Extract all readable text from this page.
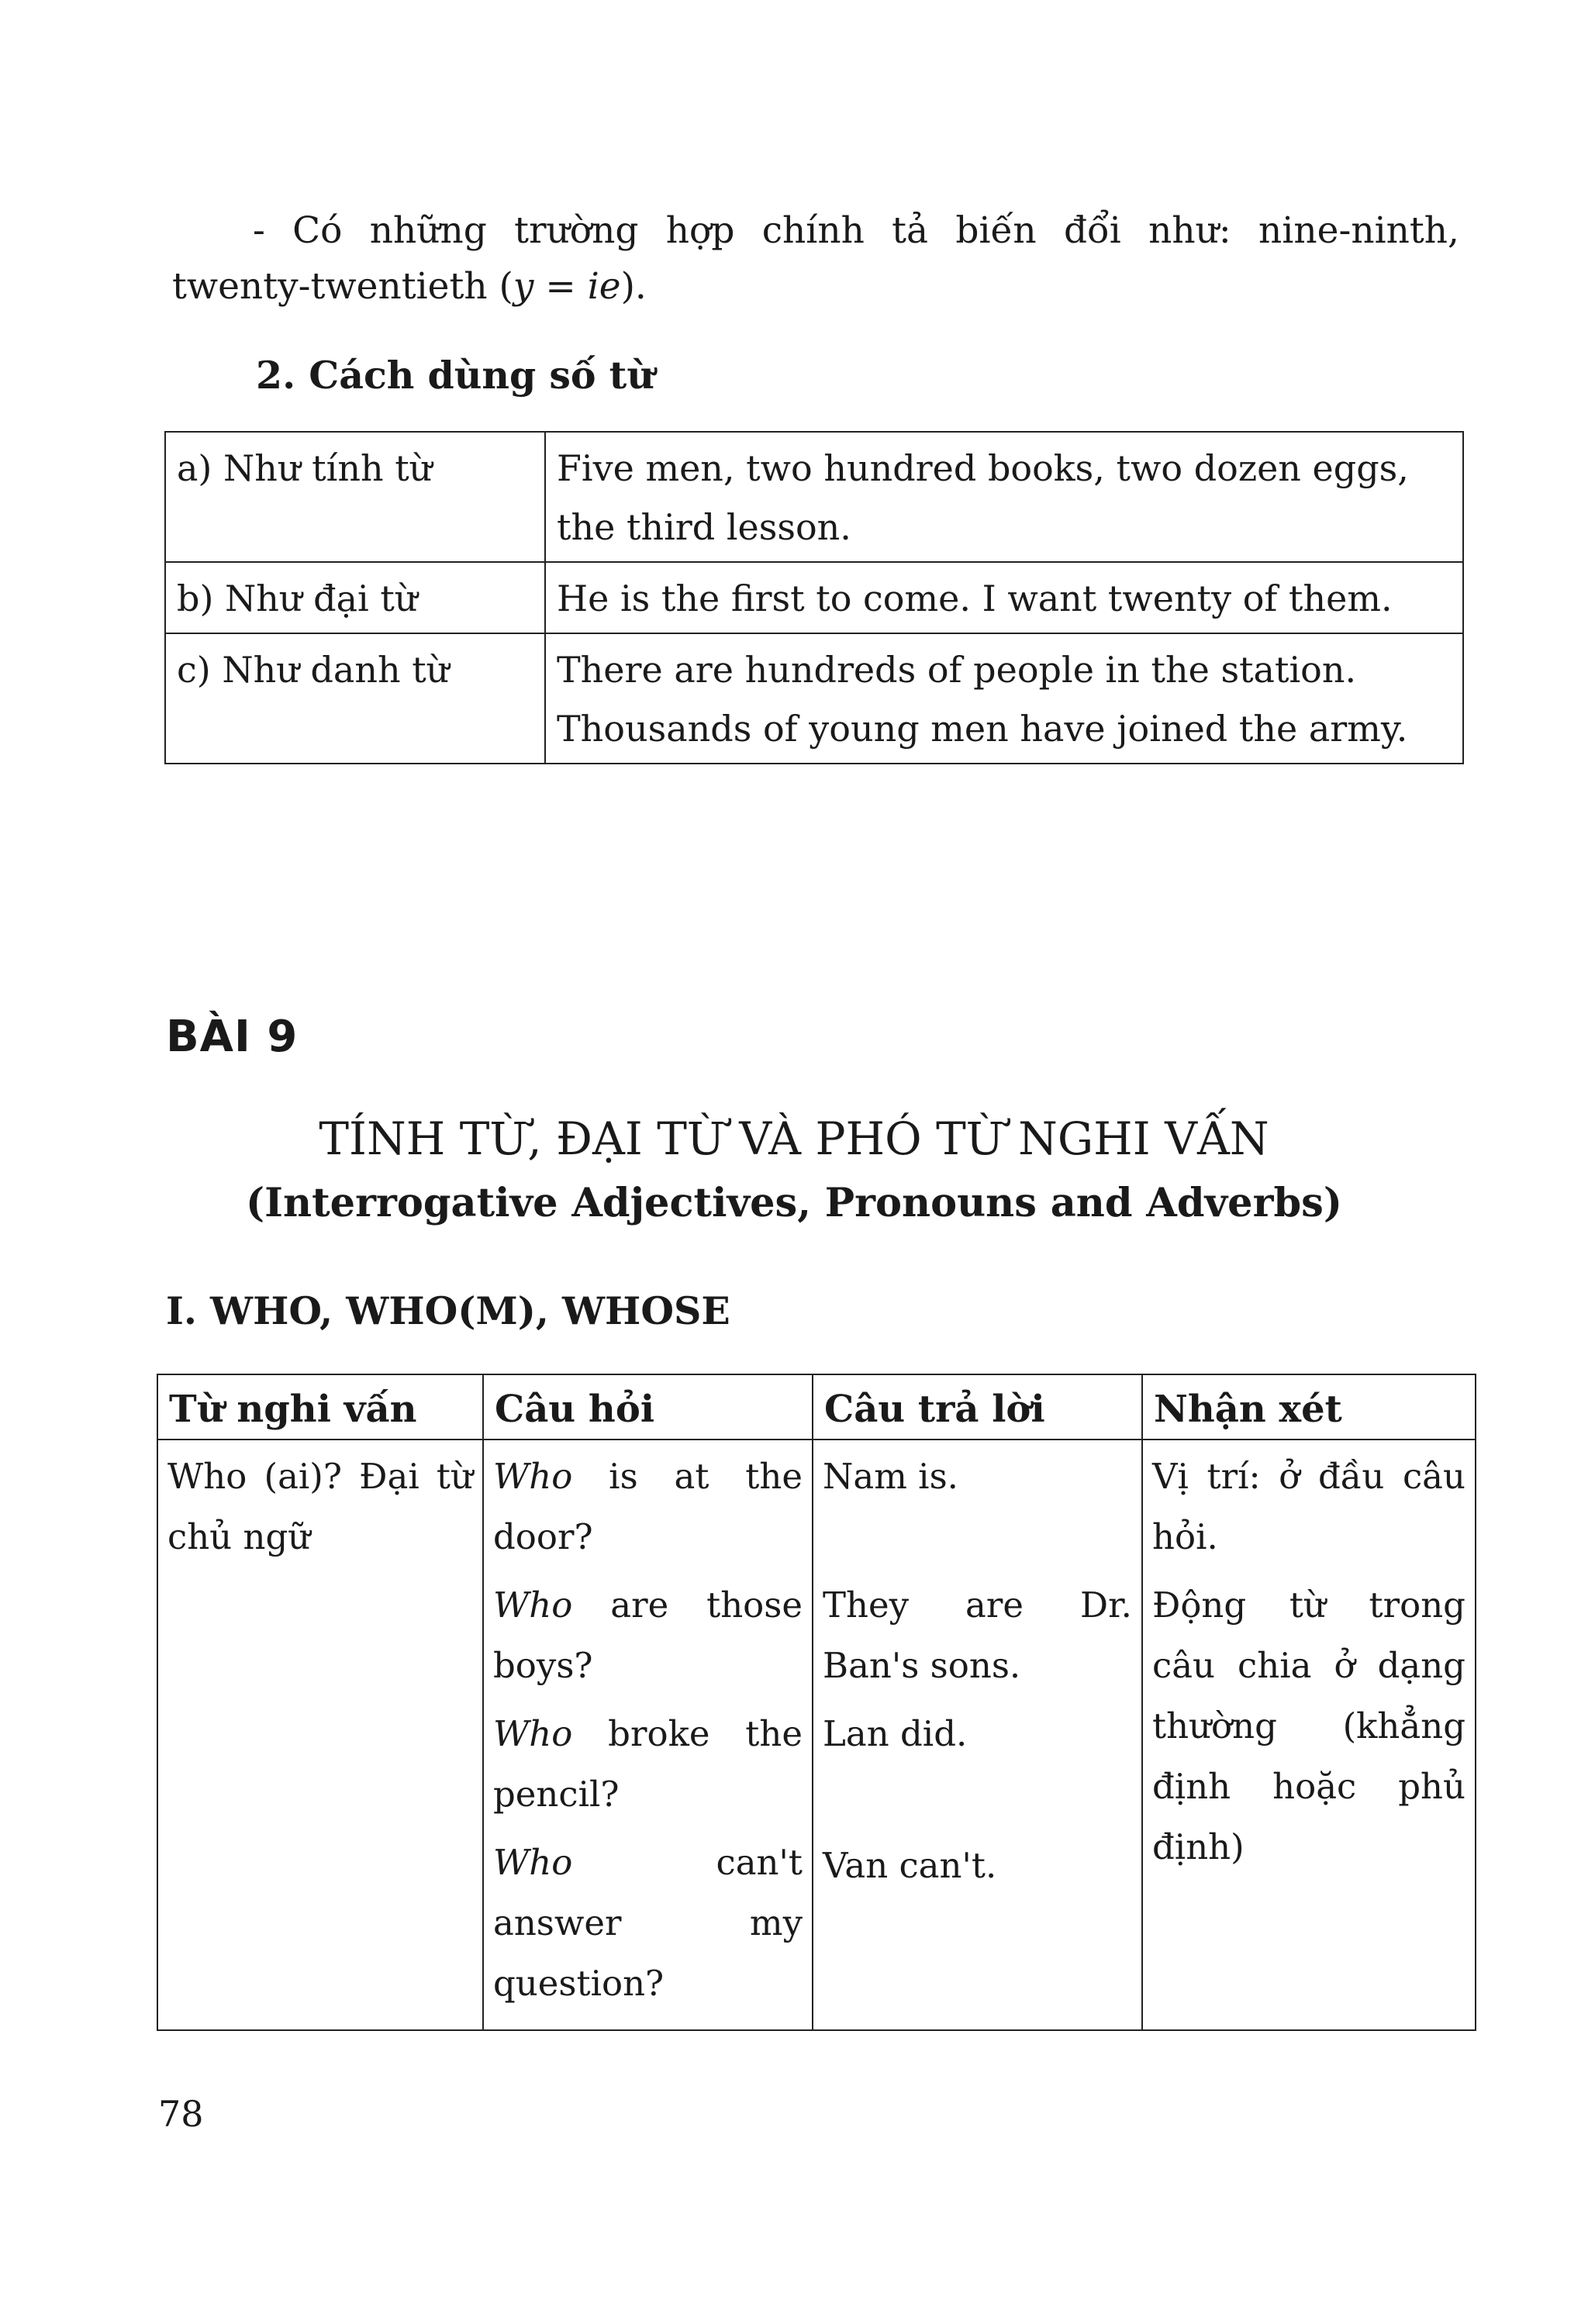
- Có những trường hợp chính tả biến đổi như: nine-ninth,
twenty-twentieth (y = ie).

2. Cách dùng số từ
a) Như tính từ	Five men, two hundred books, two dozen eggs, the third lesson.
b) Như đại từ	He is the first to come. I want twenty of them.
c) Như danh từ	There are hundreds of people in the station.
Thousands of young men have joined the army.

BÀI 9

TÍNH TỪ, ĐẠI TỪ VÀ PHÓ TỪ NGHI VẤN

(Interrogative Adjectives, Pronouns and Adverbs)

I. WHO, WHO(M), WHOSE
Từ nghi vấn	Câu hỏi	Câu trả lời	Nhận xét

Who (ai)? Đại từ chủ ngữ	Who is at the door?
Who are those boys?
Who broke the pencil?
Who can't answer my question?	Nam is.
They are Dr. Ban's sons.
Lan did.
Van can't.	Vị trí: ở đầu câu hỏi.
Động từ trong câu chia ở dạng thường (khẳng định hoặc phủ định)

78
